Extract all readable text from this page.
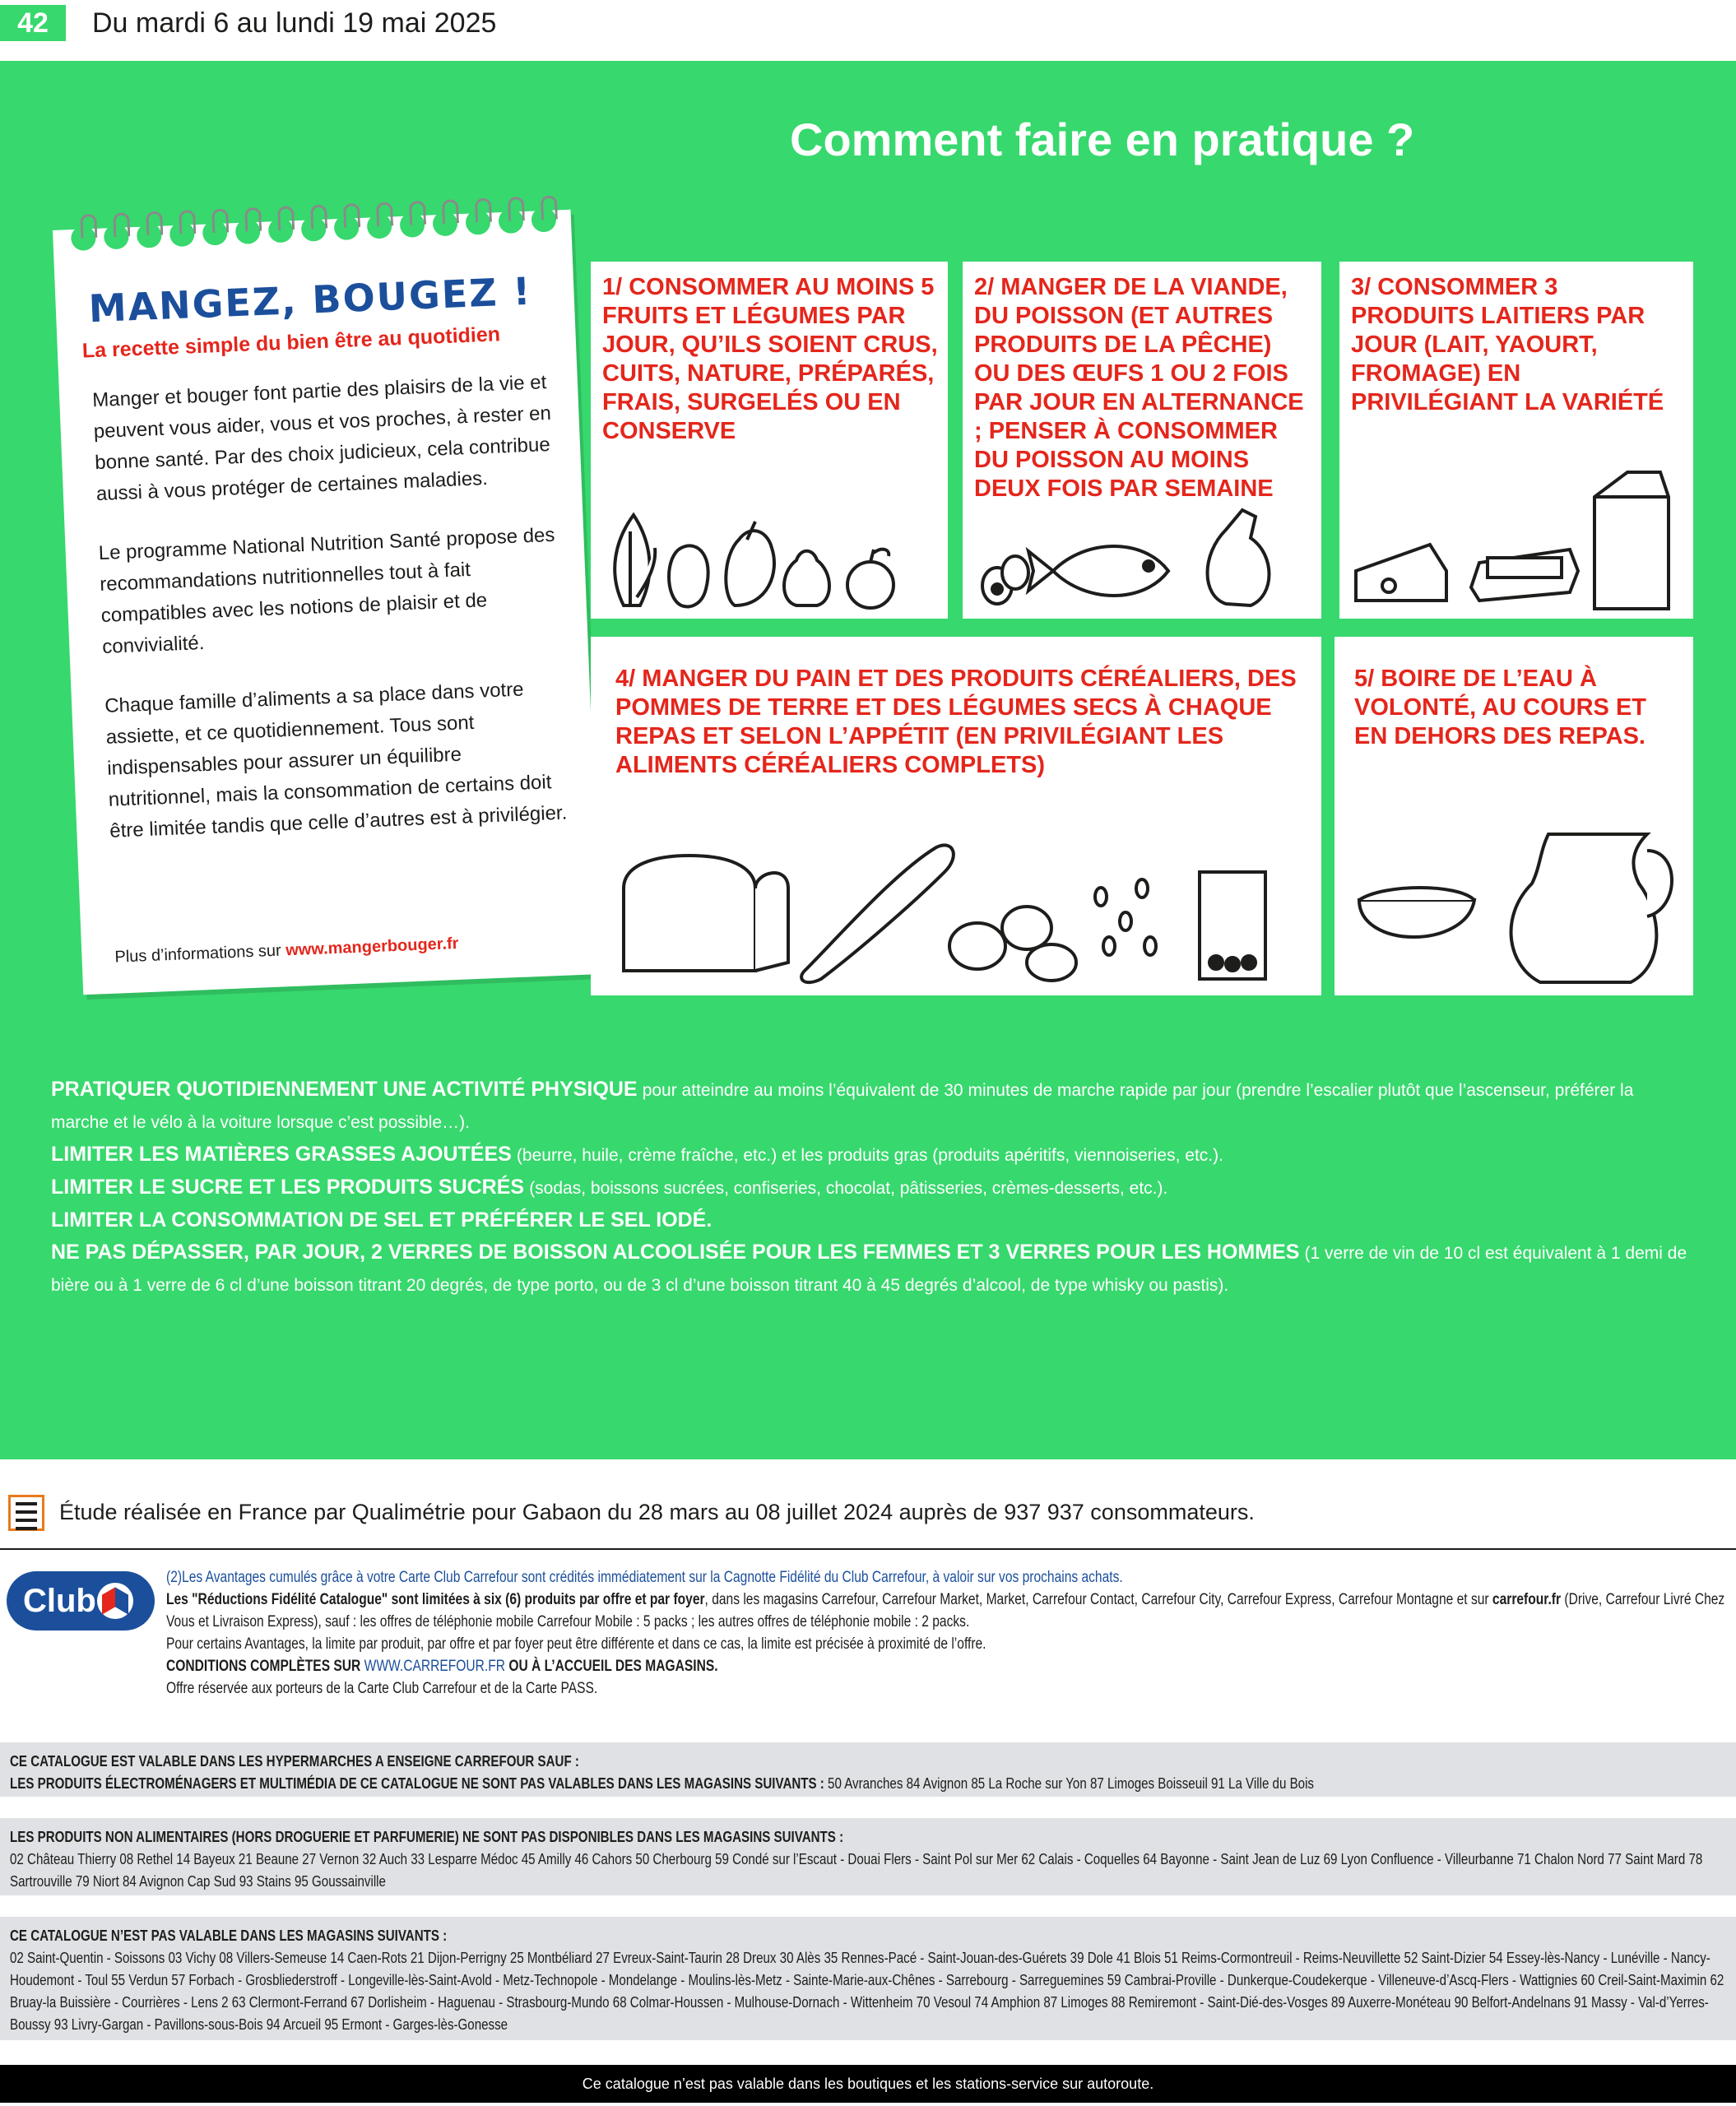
42	Du mardi 6 au lundi 19 mai 2025
Comment faire en pratique ?
MANGEZ, BOUGEZ !
La recette simple du bien être au quotidien

Manger et bouger font partie des plaisirs de la vie et peuvent vous aider, vous et vos proches, à rester en bonne santé. Par des choix judicieux, cela contribue aussi à vous protéger de certaines maladies.

Le programme National Nutrition Santé propose des recommandations nutritionnelles tout à fait compatibles avec les notions de plaisir et de convivialité.

Chaque famille d’aliments a sa place dans votre assiette, et ce quotidiennement. Tous sont indispensables pour assurer un équilibre nutritionnel, mais la consommation de certains doit être limitée tandis que celle d’autres est à privilégier.

Plus d’informations sur www.mangerbouger.fr
1/ CONSOMMER AU MOINS 5 FRUITS ET LÉGUMES PAR JOUR, QU’ILS SOIENT CRUS, CUITS, NATURE, PRÉPARÉS, FRAIS, SURGELÉS OU EN CONSERVE
2/ MANGER DE LA VIANDE, DU POISSON (ET AUTRES PRODUITS DE LA PÊCHE) OU DES ŒUFS 1 OU 2 FOIS PAR JOUR EN ALTERNANCE ; PENSER À CONSOMMER DU POISSON AU MOINS DEUX FOIS PAR SEMAINE
3/ CONSOMMER 3 PRODUITS LAITIERS PAR JOUR (LAIT, YAOURT, FROMAGE) EN PRIVILÉGIANT LA VARIÉTÉ
4/ MANGER DU PAIN ET DES PRODUITS CÉRÉALIERS, DES POMMES DE TERRE ET DES LÉGUMES SECS À CHAQUE REPAS ET SELON L’APPÉTIT (EN PRIVILÉGIANT LES ALIMENTS CÉRÉALIERS COMPLETS)
5/ BOIRE DE L’EAU À VOLONTÉ, AU COURS ET EN DEHORS DES REPAS.
PRATIQUER QUOTIDIENNEMENT UNE ACTIVITÉ PHYSIQUE pour atteindre au moins l’équivalent de 30 minutes de marche rapide par jour (prendre l’escalier plutôt que l’ascenseur, préférer la marche et le vélo à la voiture lorsque c’est possible…).
LIMITER LES MATIÈRES GRASSES AJOUTÉES (beurre, huile, crème fraîche, etc.) et les produits gras (produits apéritifs, viennoiseries, etc.).
LIMITER LE SUCRE ET LES PRODUITS SUCRÉS (sodas, boissons sucrées, confiseries, chocolat, pâtisseries, crèmes-desserts, etc.).
LIMITER LA CONSOMMATION DE SEL ET PRÉFÉRER LE SEL IODÉ.
NE PAS DÉPASSER, PAR JOUR, 2 VERRES DE BOISSON ALCOOLISÉE POUR LES FEMMES ET 3 VERRES POUR LES HOMMES (1 verre de vin de 10 cl est équivalent à 1 demi de bière ou à 1 verre de 6 cl d’une boisson titrant 20 degrés, de type porto, ou de 3 cl d’une boisson titrant 40 à 45 degrés d’alcool, de type whisky ou pastis).
Étude réalisée en France par Qualimétrie pour Gabaon du 28 mars au 08 juillet 2024 auprès de 937 937 consommateurs.
Club
(2)Les Avantages cumulés grâce à votre Carte Club Carrefour sont crédités immédiatement sur la Cagnotte Fidélité du Club Carrefour, à valoir sur vos prochains achats.
Les "Réductions Fidélité Catalogue" sont limitées à six (6) produits par offre et par foyer, dans les magasins Carrefour, Carrefour Market, Market, Carrefour Contact, Carrefour City, Carrefour Express, Carrefour Montagne et sur carrefour.fr (Drive, Carrefour Livré Chez Vous et Livraison Express), sauf : les offres de téléphonie mobile Carrefour Mobile : 5 packs ; les autres offres de téléphonie mobile : 2 packs.
Pour certains Avantages, la limite par produit, par offre et par foyer peut être différente et dans ce cas, la limite est précisée à proximité de l’offre.
CONDITIONS COMPLÈTES SUR WWW.CARREFOUR.FR OU À L’ACCUEIL DES MAGASINS.
Offre réservée aux porteurs de la Carte Club Carrefour et de la Carte PASS.
CE CATALOGUE EST VALABLE DANS LES HYPERMARCHES A ENSEIGNE CARREFOUR SAUF :
LES PRODUITS ÉLECTROMÉNAGERS ET MULTIMÉDIA DE CE CATALOGUE NE SONT PAS VALABLES DANS LES MAGASINS SUIVANTS : 50 Avranches 84 Avignon 85 La Roche sur Yon 87 Limoges Boisseuil 91 La Ville du Bois
LES PRODUITS NON ALIMENTAIRES (HORS DROGUERIE ET PARFUMERIE) NE SONT PAS DISPONIBLES DANS LES MAGASINS SUIVANTS :
02 Château Thierry 08 Rethel 14 Bayeux 21 Beaune 27 Vernon 32 Auch 33 Lesparre Médoc 45 Amilly 46 Cahors 50 Cherbourg 59 Condé sur l’Escaut - Douai Flers - Saint Pol sur Mer 62 Calais - Coquelles 64 Bayonne - Saint Jean de Luz 69 Lyon Confluence - Villeurbanne 71 Chalon Nord 77 Saint Mard 78 Sartrouville 79 Niort 84 Avignon Cap Sud 93 Stains 95 Goussainville
CE CATALOGUE N’EST PAS VALABLE DANS LES MAGASINS SUIVANTS :
02 Saint-Quentin - Soissons 03 Vichy 08 Villers-Semeuse 14 Caen-Rots 21 Dijon-Perrigny 25 Montbéliard 27 Evreux-Saint-Taurin 28 Dreux 30 Alès 35 Rennes-Pacé - Saint-Jouan-des-Guérets 39 Dole 41 Blois 51 Reims-Cormontreuil - Reims-Neuvillette 52 Saint-Dizier 54 Essey-lès-Nancy - Lunéville - Nancy-Houdemont - Toul 55 Verdun 57 Forbach - Grosbliederstroff - Longeville-lès-Saint-Avold - Metz-Technopole - Mondelange - Moulins-lès-Metz - Sainte-Marie-aux-Chênes - Sarrebourg - Sarreguemines 59 Cambrai-Proville - Dunkerque-Coudekerque - Villeneuve-d’Ascq-Flers - Wattignies 60 Creil-Saint-Maximin 62 Bruay-la Buissière - Courrières - Lens 2 63 Clermont-Ferrand 67 Dorlisheim - Haguenau - Strasbourg-Mundo 68 Colmar-Houssen - Mulhouse-Dornach - Wittenheim 70 Vesoul 74 Amphion 87 Limoges 88 Remiremont - Saint-Dié-des-Vosges 89 Auxerre-Monéteau 90 Belfort-Andelnans 91 Massy - Val-d’Yerres-Boussy 93 Livry-Gargan - Pavillons-sous-Bois 94 Arcueil 95 Ermont - Garges-lès-Gonesse
Ce catalogue n’est pas valable dans les boutiques et les stations-service sur autoroute.
